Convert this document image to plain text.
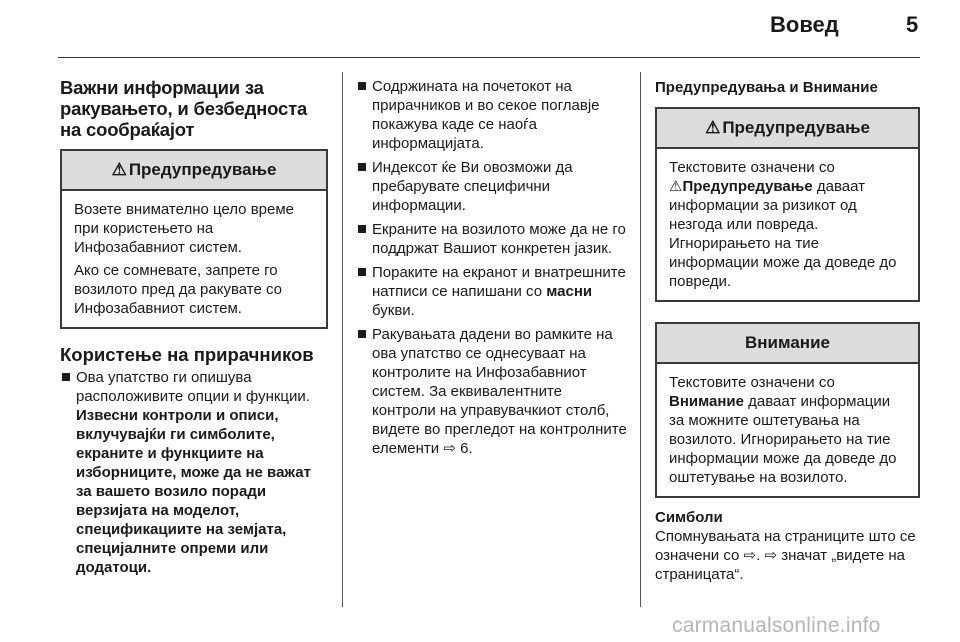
Вовед	5
Важни информации за ракувањето, и безбедноста на сообраќајот
⚠ Предупредување

Возете внимателно цело време при користењето на Инфозабавниот систем.

Ако се сомневате, запрете го возилото пред да ракувате со Инфозабавниот систем.

Користење на прирачников
Ова упатство ги опишува расположивите опции и функции.
Извесни контроли и описи, вклучувајќи ги симболите, екраните и функциите на изборниците, може да не важат за вашето возило поради верзијата на моделот, спецификациите на земјата, специјалните опреми или додатоци.
Содржината на почетокот на прирачников и во секое поглавје покажува каде се наоѓа информацијата.
Индексот ќе Ви овозможи да пребарувате специфични информации.
Екраните на возилото може да не го поддржат Вашиот конкретен јазик.
Пораките на екранот и внатрешните натписи се напишани со масни букви.
Ракувањата дадени во рамките на ова упатство се однесуваат на контролите на Инфозабавниот систем. За еквивалентните контроли на управувачкиот столб, видете во прегледот на контролните елементи ⇨ 6.
Предупредувања и Внимание
⚠ Предупредување
Текстовите означени со
⚠Предупредување даваат информации за ризикот од незгода или повреда. Игнорирањето на тие информации може да доведе до повреди.
Внимание
Текстовите означени со
Внимание даваат информации за можните оштетувања на возилото. Игнорирањето на тие информации може да доведе до оштетување на возилото.
Симболи
Спомнувањата на страниците што се означени со ⇨. ⇨ значат „видете на страницата“.
carmanualsonline.info
